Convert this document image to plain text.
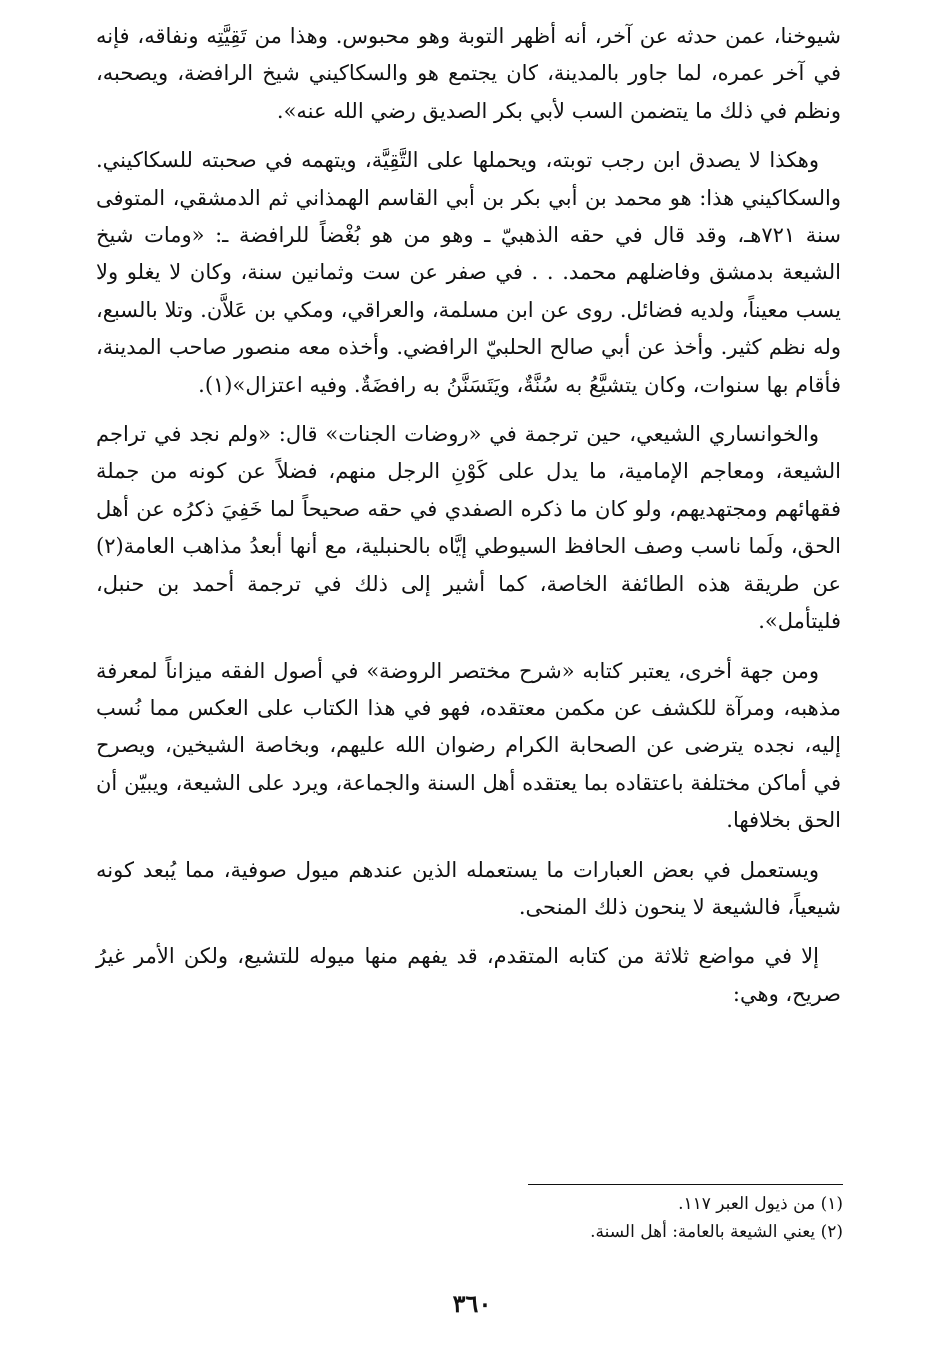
شيوخنا، عمن حدثه عن آخر، أنه أظهر التوبة وهو محبوس. وهذا من تَقِيَّتِه ونفاقه، فإنه في آخر عمره، لما جاور بالمدينة، كان يجتمع هو والسكاكيني شيخ الرافضة، ويصحبه، ونظم في ذلك ما يتضمن السب لأبي بكر الصديق رضي الله عنه».

وهكذا لا يصدق ابن رجب توبته، ويحملها على التَّقِيَّة، ويتهمه في صحبته للسكاكيني. والسكاكيني هذا: هو محمد بن أبي بكر بن أبي القاسم الهمذاني ثم الدمشقي، المتوفى سنة ٧٢١هـ، وقد قال في حقه الذهبيّ ـ وهو من هو بُغْضاً للرافضة ـ: «ومات شيخ الشيعة بدمشق وفاضلهم محمد. . . في صفر عن ست وثمانين سنة، وكان لا يغلو ولا يسب معيناً، ولديه فضائل. روى عن ابن مسلمة، والعراقي، ومكي بن عَلاَّن. وتلا بالسبع، وله نظم كثير. وأخذ عن أبي صالح الحلبيّ الرافضي. وأخذه معه منصور صاحب المدينة، فأقام بها سنوات، وكان يتشيَّعُ به سُنَّةٌ، ويَتَسَنَّنُ به رافضَةٌ. وفيه اعتزال»(١).

والخوانساري الشيعي، حين ترجمة في «روضات الجنات» قال: «ولم نجد في تراجم الشيعة، ومعاجم الإمامية، ما يدل على كَوْنِ الرجل منهم، فضلاً عن كونه من جملة فقهائهم ومجتهديهم، ولو كان ما ذكره الصفدي في حقه صحيحاً لما خَفِيَ ذكرُه عن أهل الحق، ولَما ناسب وصف الحافظ السيوطي إيَّاه بالحنبلية، مع أنها أبعدُ مذاهب العامة(٢) عن طريقة هذه الطائفة الخاصة، كما أشير إلى ذلك في ترجمة أحمد بن حنبل، فليتأمل».

ومن جهة أخرى، يعتبر كتابه «شرح مختصر الروضة» في أصول الفقه ميزاناً لمعرفة مذهبه، ومرآة للكشف عن مكمن معتقده، فهو في هذا الكتاب على العكس مما نُسب إليه، نجده يترضى عن الصحابة الكرام رضوان الله عليهم، وبخاصة الشيخين، ويصرح في أماكن مختلفة باعتقاده بما يعتقده أهل السنة والجماعة، ويرد على الشيعة، ويبيّن أن الحق بخلافها.

ويستعمل في بعض العبارات ما يستعمله الذين عندهم ميول صوفية، مما يُبعد كونه شيعياً، فالشيعة لا ينحون ذلك المنحى.

إلا في مواضع ثلاثة من كتابه المتقدم، قد يفهم منها ميوله للتشيع، ولكن الأمر غيرُ صريح، وهي:

(١) من ذيول العبر ١١٧.

(٢) يعني الشيعة بالعامة: أهل السنة.

٣٦٠
